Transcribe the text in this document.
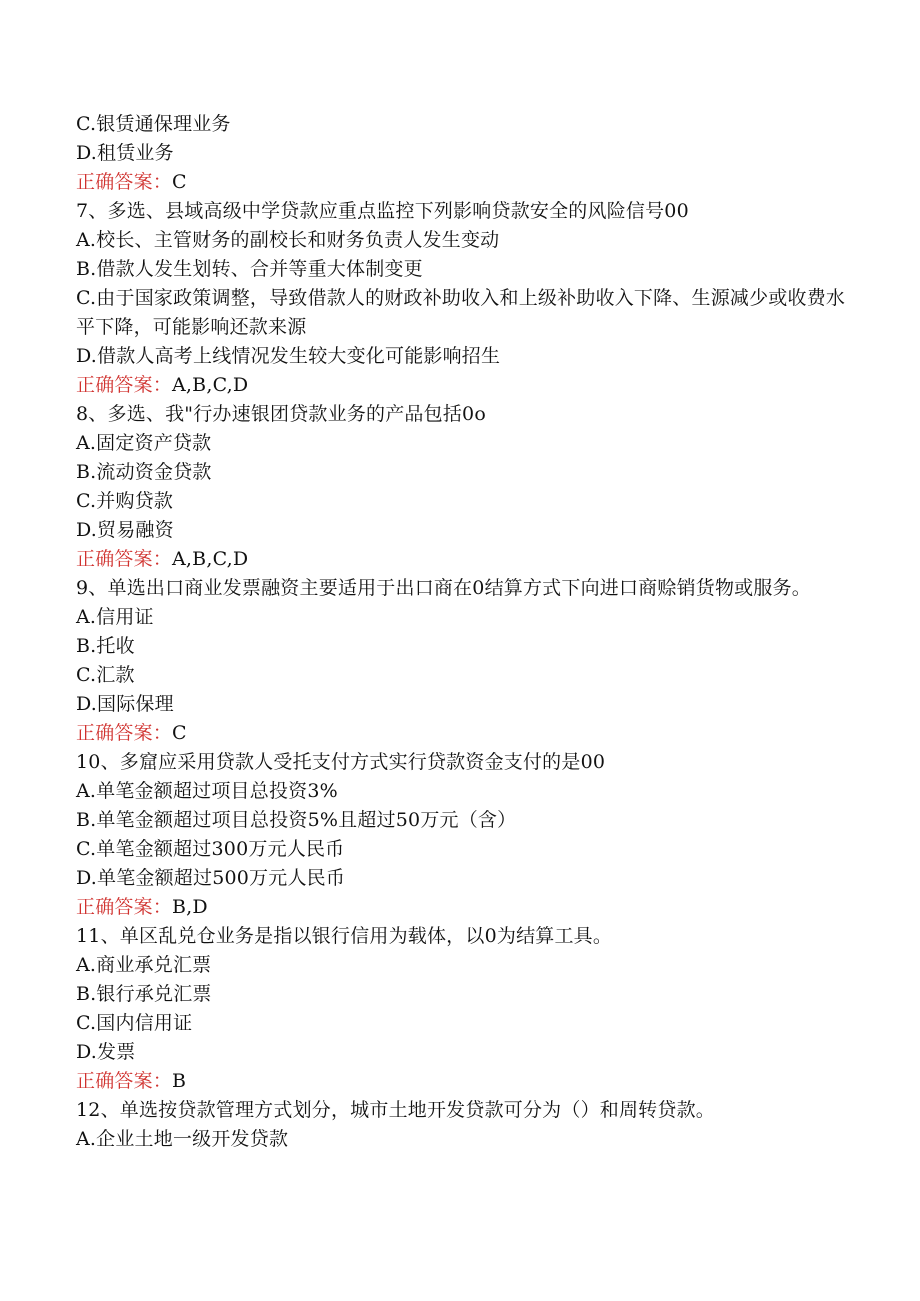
C.银赁通保理业务
D.租赁业务
正确答案：C
7、多选、县域高级中学贷款应重点监控下列影响贷款安全的风险信号00
A.校长、主管财务的副校长和财务负责人发生变动
B.借款人发生划转、合并等重大体制变更
C.由于国家政策调整，导致借款人的财政补助收入和上级补助收入下降、生源减少或收费水平下降，可能影响还款来源
D.借款人高考上线情况发生较大变化可能影响招生
正确答案：A,B,C,D
8、多选、我"行办速银团贷款业务的产品包括0o
A.固定资产贷款
B.流动资金贷款
C.并购贷款
D.贸易融资
正确答案：A,B,C,D
9、单选出口商业发票融资主要适用于出口商在0结算方式下向进口商赊销货物或服务。
A.信用证
B.托收
C.汇款
D.国际保理
正确答案：C
10、多窟应采用贷款人受托支付方式实行贷款资金支付的是00
A.单笔金额超过项目总投资3%
B.单笔金额超过项目总投资5%且超过50万元（含）
C.单笔金额超过300万元人民币
D.单笔金额超过500万元人民币
正确答案：B,D
11、单区乱兑仓业务是指以银行信用为载体，以0为结算工具。
A.商业承兑汇票
B.银行承兑汇票
C.国内信用证
D.发票
正确答案：B
12、单选按贷款管理方式划分，城市土地开发贷款可分为（）和周转贷款。
A.企业土地一级开发贷款
